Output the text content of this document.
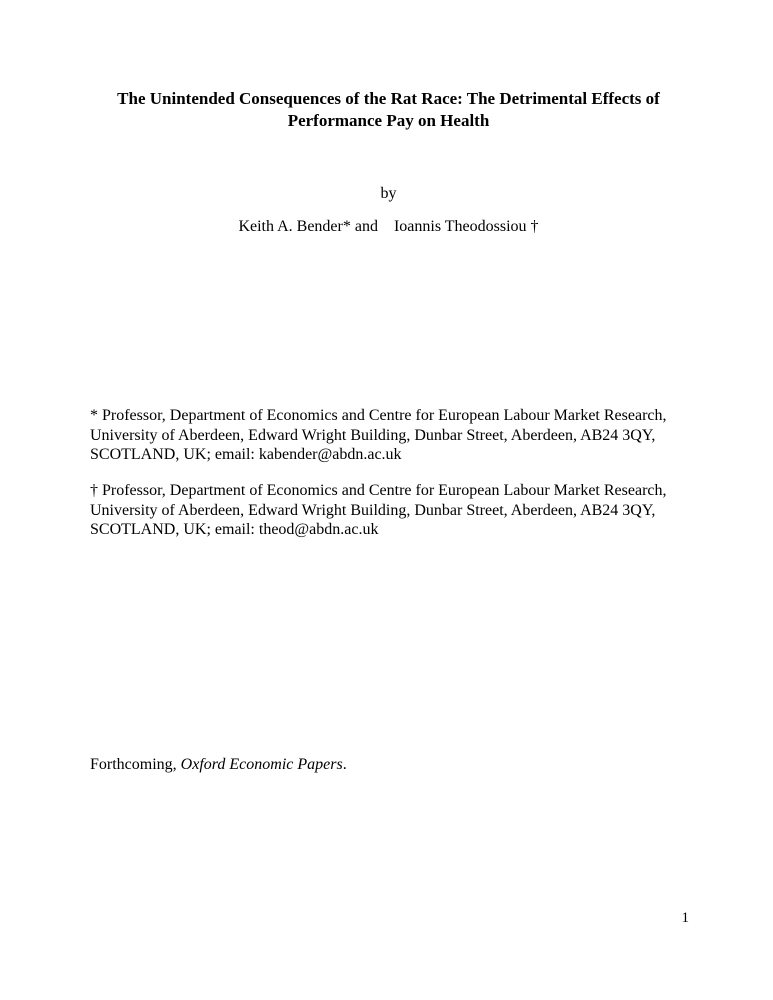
The Unintended Consequences of the Rat Race: The Detrimental Effects of Performance Pay on Health
by
Keith A. Bender* and    Ioannis Theodossiou †
* Professor, Department of Economics and Centre for European Labour Market Research, University of Aberdeen, Edward Wright Building, Dunbar Street, Aberdeen, AB24 3QY, SCOTLAND, UK; email: kabender@abdn.ac.uk
† Professor, Department of Economics and Centre for European Labour Market Research, University of Aberdeen, Edward Wright Building, Dunbar Street, Aberdeen, AB24 3QY, SCOTLAND, UK; email: theod@abdn.ac.uk
Forthcoming, Oxford Economic Papers.
1
